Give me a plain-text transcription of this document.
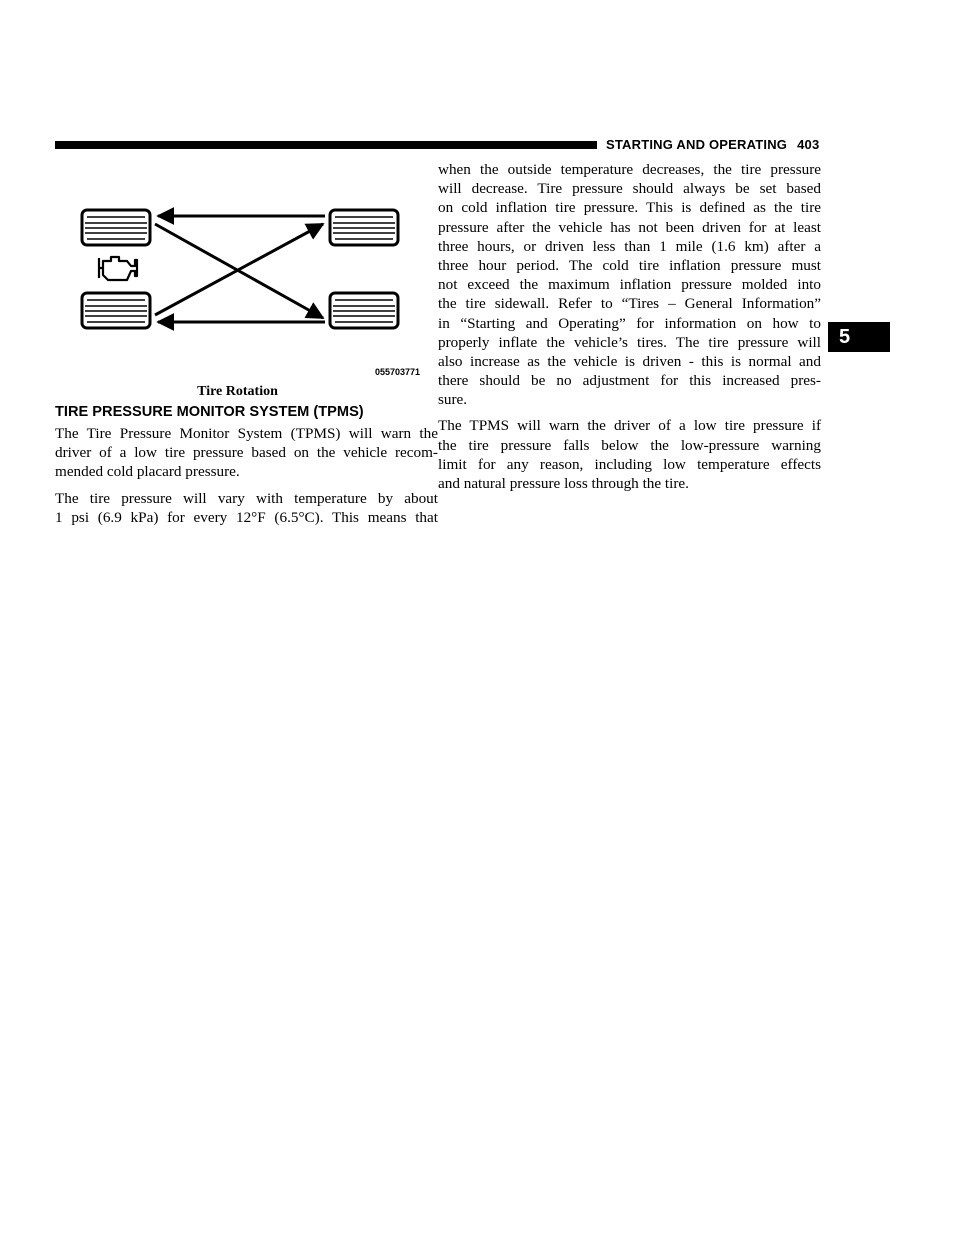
STARTING AND OPERATING 403
5
055703771
Tire Rotation
TIRE PRESSURE MONITOR SYSTEM (TPMS)

The Tire Pressure Monitor System (TPMS) will warn the
driver of a low tire pressure based on the vehicle recom-
mended cold placard pressure.

The tire pressure will vary with temperature by about
1 psi (6.9 kPa) for every 12°F (6.5°C). This means that

when the outside temperature decreases, the tire pressure
will decrease. Tire pressure should always be set based
on cold inflation tire pressure. This is defined as the tire
pressure after the vehicle has not been driven for at least
three hours, or driven less than 1 mile (1.6 km) after a
three hour period. The cold tire inflation pressure must
not exceed the maximum inflation pressure molded into
the tire sidewall. Refer to “Tires – General Information”
in “Starting and Operating” for information on how to
properly inflate the vehicle’s tires. The tire pressure will
also increase as the vehicle is driven - this is normal and
there should be no adjustment for this increased pres-
sure.

The TPMS will warn the driver of a low tire pressure if
the tire pressure falls below the low-pressure warning
limit for any reason, including low temperature effects
and natural pressure loss through the tire.
